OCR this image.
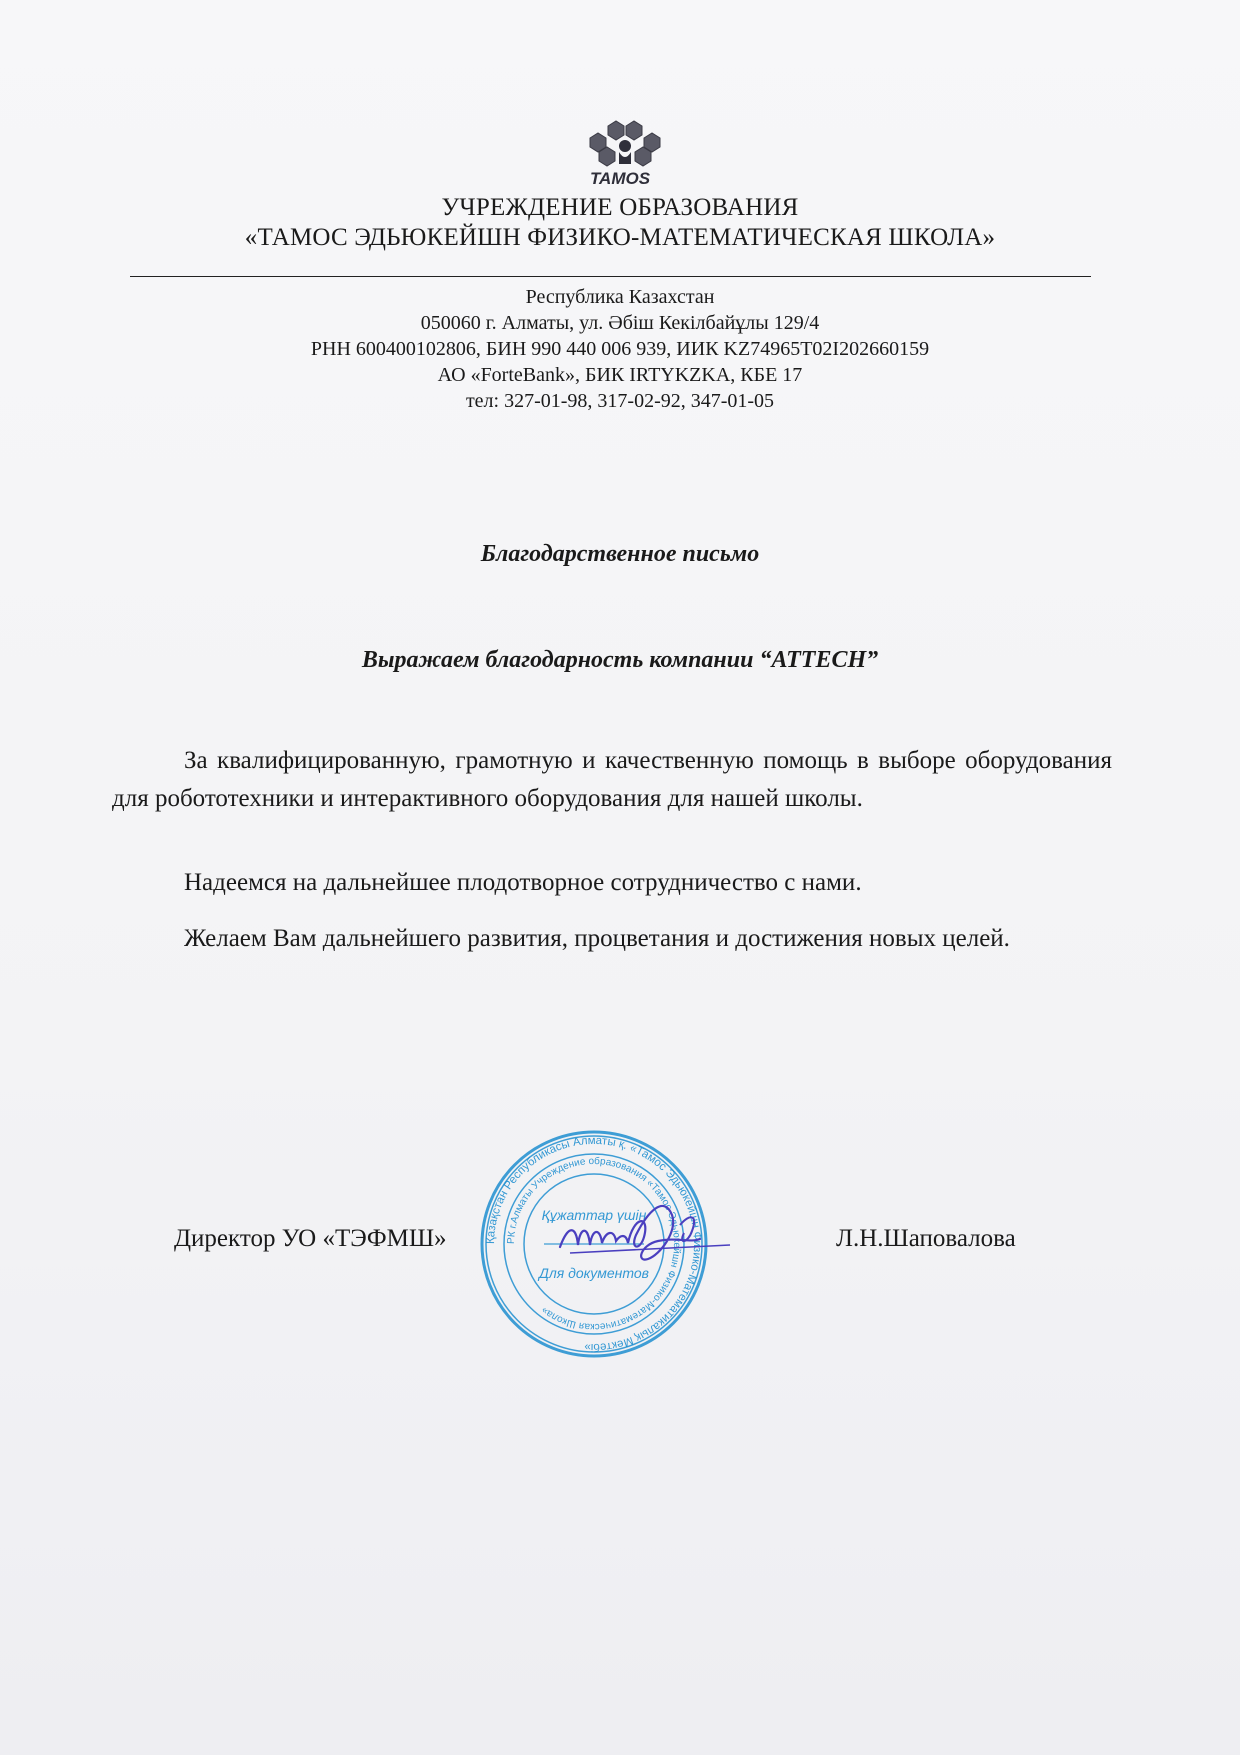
TAMOS
УЧРЕЖДЕНИЕ ОБРАЗОВАНИЯ
«ТАМОС ЭДЬЮКЕЙШН ФИЗИКО-МАТЕМАТИЧЕСКАЯ ШКОЛА»
Республика Казахстан
050060 г. Алматы, ул. Әбіш Кекілбайұлы 129/4
РНН 600400102806, БИН 990 440 006 939, ИИК KZ74965T02I202660159
АО «ForteBank», БИК IRTYKZKA, КБЕ 17
тел: 327-01-98, 317-02-92, 347-01-05
Благодарственное письмо
Выражаем благодарность компании “ATTECH”
За квалифицированную, грамотную и качественную помощь в выборе оборудования для робототехники и интерактивного оборудования для нашей школы.
Надеемся на дальнейшее плодотворное сотрудничество с нами.
Желаем Вам дальнейшего развития, процветания и достижения новых целей.
Директор УО «ТЭФМШ»	Л.Н.Шаповалова
Қазақстан Республикасы Алматы қ. «Тамос Эдьюкейшн Физико-Математикалық Мектебі»
РК г.Алматы Учреждение образования «Тамос Эдьюкейшн Физико-Математическая Школа»
Құжаттар үшін
Для документов
